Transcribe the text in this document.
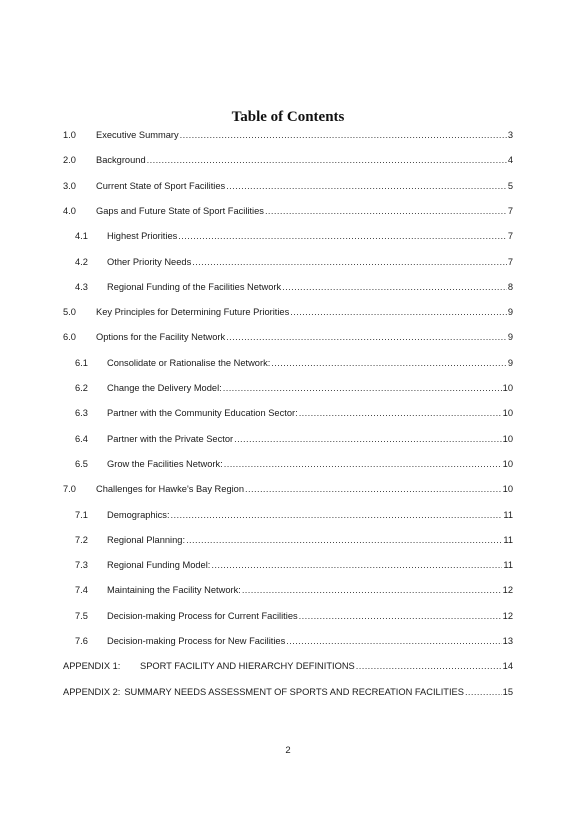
Table of Contents
1.0	Executive Summary .....	3
2.0	Background .....	4
3.0	Current State of Sport Facilities .....	5
4.0	Gaps and Future State of Sport Facilities .....	7
4.1	Highest Priorities .....	7
4.2	Other Priority Needs .....	7
4.3	Regional Funding of the Facilities Network .....	8
5.0	Key Principles for Determining Future Priorities .....	9
6.0	Options for the Facility Network .....	9
6.1	Consolidate or Rationalise the Network: .....	9
6.2	Change the Delivery Model: .....	10
6.3	Partner with the Community Education Sector: .....	10
6.4	Partner with the Private Sector .....	10
6.5	Grow the Facilities Network: .....	10
7.0	Challenges for Hawke's Bay Region .....	10
7.1	Demographics: .....	11
7.2	Regional Planning: .....	11
7.3	Regional Funding Model: .....	11
7.4	Maintaining the Facility Network: .....	12
7.5	Decision-making Process for Current Facilities .....	12
7.6	Decision-making Process for New Facilities .....	13
APPENDIX 1:	SPORT FACILITY AND HIERARCHY DEFINITIONS .....	14
APPENDIX 2: SUMMARY NEEDS ASSESSMENT OF SPORTS AND RECREATION FACILITIES .....	15
2
